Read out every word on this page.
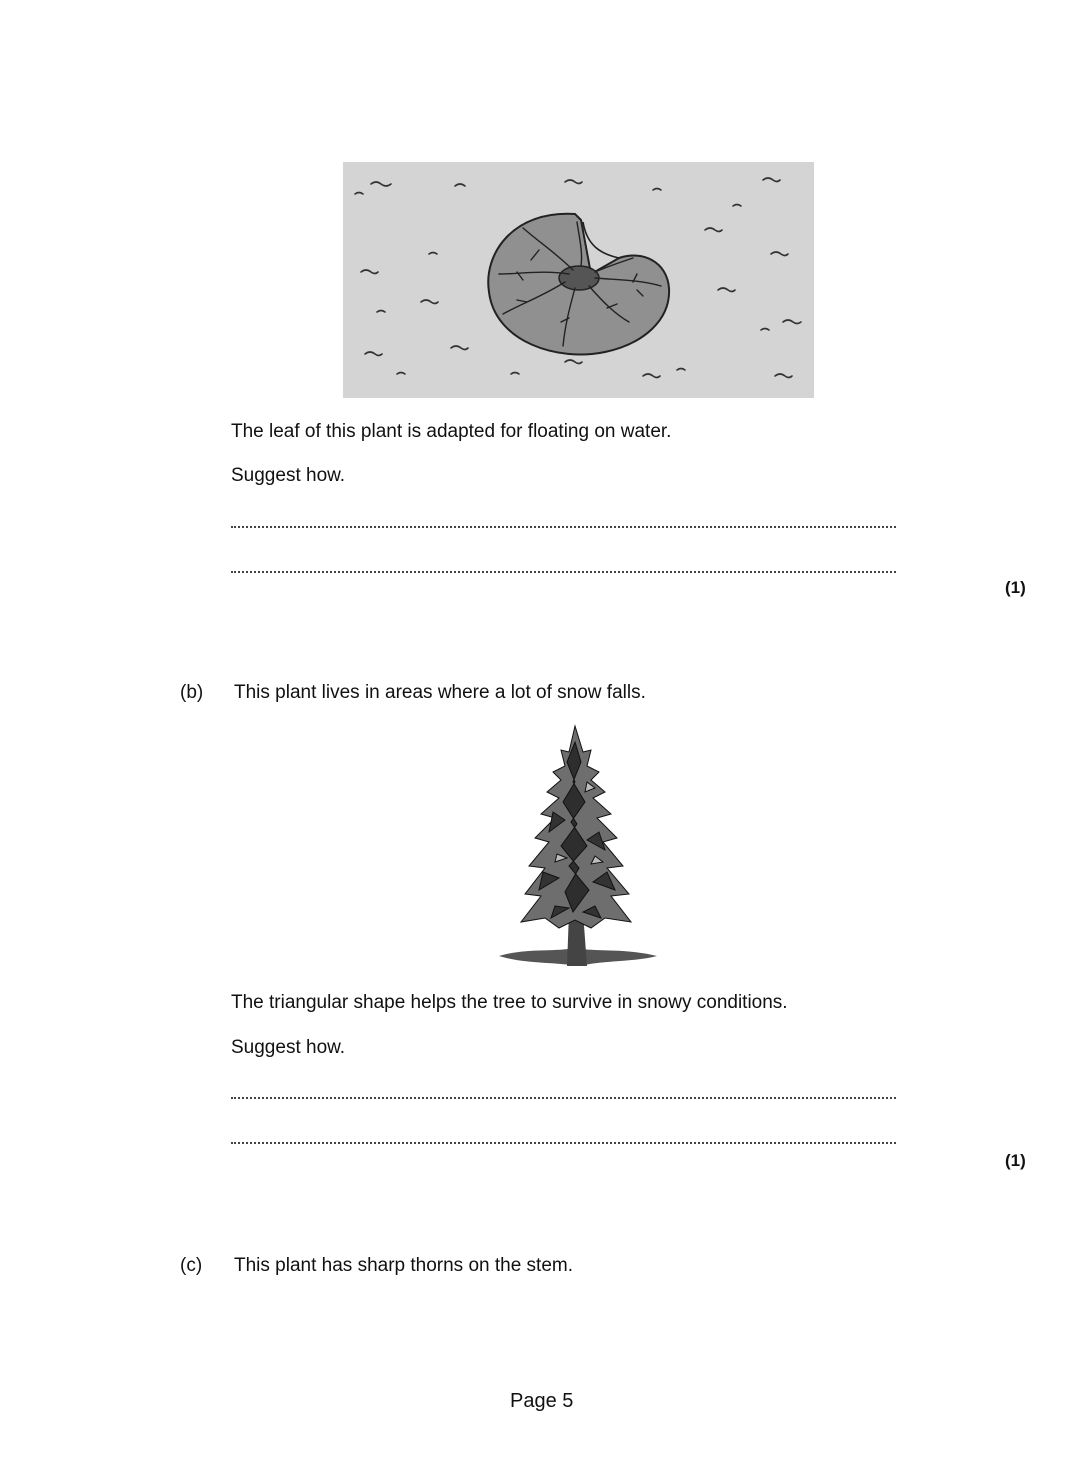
The leaf of this plant is adapted for floating on water.
Suggest how.
(1)
(b) This plant lives in areas where a lot of snow falls.
The triangular shape helps the tree to survive in snowy conditions.
Suggest how.
(1)
(c) This plant has sharp thorns on the stem.
Page 5
